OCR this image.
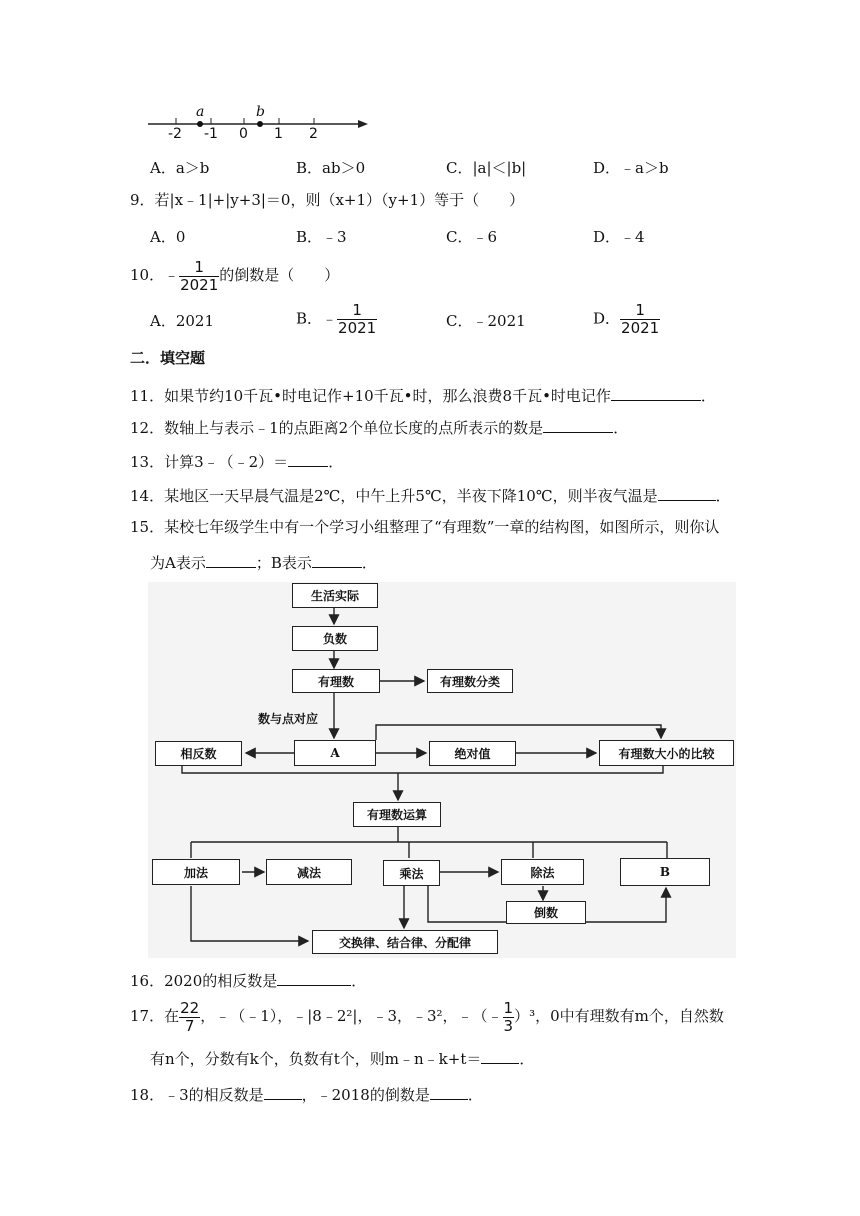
-2 -1 0 1 2
a	b
A．a＞b	B．ab＞0	C．|a|＜|b|	D．﹣a＞b
9．若|x﹣1|+|y+3|＝0，则（x+1）（y+1）等于（　　）
A．0	B．﹣3	C．﹣6	D．﹣4
10．﹣ $\frac{1}{2021}$ 的倒数是（　　）
A．2021	B．﹣ $\frac{1}{2021}$	C．﹣2021	D． $\frac{1}{2021}$
二．填空题
11．如果节约10千瓦•时电记作+10千瓦•时，那么浪费8千瓦•时电记作	．
12．数轴上与表示﹣1的点距离2个单位长度的点所表示的数是	．
13．计算3﹣（﹣2）＝	．
14．某地区一天早晨气温是2℃，中午上升5℃，半夜下降10℃，则半夜气温是	．
15．某校七年级学生中有一个学习小组整理了“有理数”一章的结构图，如图所示，则你认
为A表示	；B表示	．
生活实际
负数
有理数	有理数分类
数与点对应
A
相反数	绝对值	有理数大小的比较
有理数运算
加法	减法	乘法	除法	B
倒数
交换律、结合律、分配律
16．2020的相反数是	．
17．在 $\frac{22}{7}$ ，﹣（﹣1），﹣|8﹣2²|，﹣3，﹣3²，﹣（﹣ $\frac{1}{3} )^3$，0中有理数有m个，自然数
有n个，分数有k个，负数有t个，则m﹣n﹣k+t＝	．
18．﹣3的相反数是	，﹣2018的倒数是	．
